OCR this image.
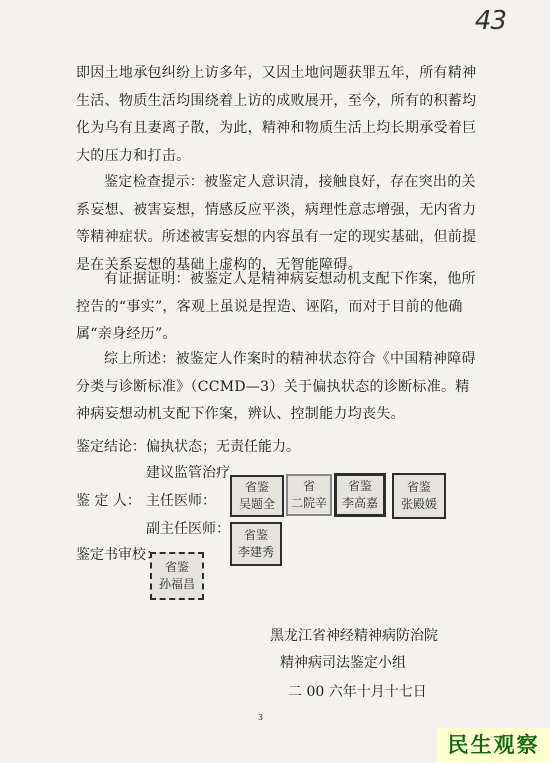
43

即因土地承包纠纷上访多年，又因土地问题获罪五年，所有精神生活、物质生活均围绕着上访的成败展开，至今，所有的积蓄均化为乌有且妻离子散，为此，精神和物质生活上均长期承受着巨大的压力和打击。

鉴定检查提示：被鉴定人意识清，接触良好，存在突出的关系妄想、被害妄想，情感反应平淡，病理性意志增强，无内省力等精神症状。所述被害妄想的内容虽有一定的现实基础，但前提是在关系妄想的基础上虚构的，无智能障碍。

有证据证明：被鉴定人是精神病妄想动机支配下作案，他所控告的“事实”，客观上虽说是捏造、诬陷，而对于目前的他确属“亲身经历”。

综上所述：被鉴定人作案时的精神状态符合《中国精神障碍分类与诊断标准》（CCMD—3）关于偏执状态的诊断标准。精神病妄想动机支配下作案，辨认、控制能力均丧失。

鉴定结论：偏执状态；无责任能力。
建议监管治疗
鉴 定 人： 主任医师：
副主任医师：
鉴定书审校：
省鉴
吴题全
省
二院辛
省鉴
李高嘉
省鉴
张殿媛
省鉴
李建秀
省鉴
孙福昌
黑龙江省神经精神病防治院
精神病司法鉴定小组
二 00 六年十月十七日
3
民生观察
